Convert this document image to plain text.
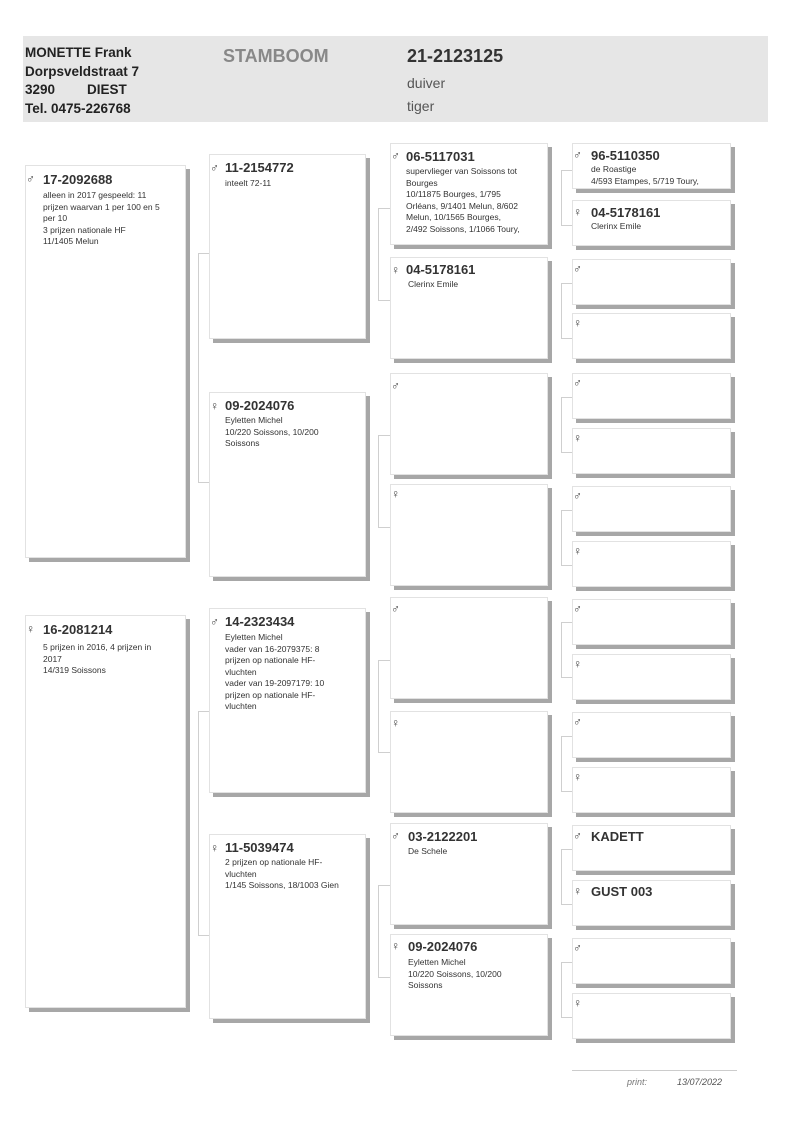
MONETTE Frank
Dorpsveldstraat 7
3290 DIEST
Tel. 0475-226768
STAMBOOM	21-2123125
duiver
tiger
♂ 17-2092688
alleen in 2017 gespeeld: 11
prijzen waarvan 1 per 100 en 5
per 10
3 prijzen nationale HF
11/1405 Melun
♀ 16-2081214
5 prijzen in 2016, 4 prijzen in
2017
14/319 Soissons
♂ 11-2154772
inteelt 72-11
♀ 09-2024076
Eyletten Michel
10/220 Soissons, 10/200
Soissons
♂ 14-2323434
Eyletten Michel
vader van 16-2079375: 8
prijzen op nationale HF-
vluchten
vader van 19-2097179: 10
prijzen op nationale HF-
vluchten
♀ 11-5039474
2 prijzen op nationale HF-
vluchten
1/145 Soissons, 18/1003 Gien
♂ 06-5117031
supervlieger van Soissons tot
Bourges
10/11875 Bourges, 1/795
Orléans, 9/1401 Melun, 8/602
Melun, 10/1565 Bourges,
2/492 Soissons, 1/1066 Toury,
♀ 04-5178161
Clerinx Emile
♂
♀
♂
♀
♂ 03-2122201
De Schele
♀ 09-2024076
Eyletten Michel
10/220 Soissons, 10/200
Soissons
♂ 96-5110350
de Roastige
4/593 Etampes, 5/719 Toury,
♀ 04-5178161
Clerinx Emile
♂
♀
♂
♀
♂
♀
♂
♀
♂
♀
♂ KADETT
♀ GUST 003
♂
♀
print:	13/07/2022
